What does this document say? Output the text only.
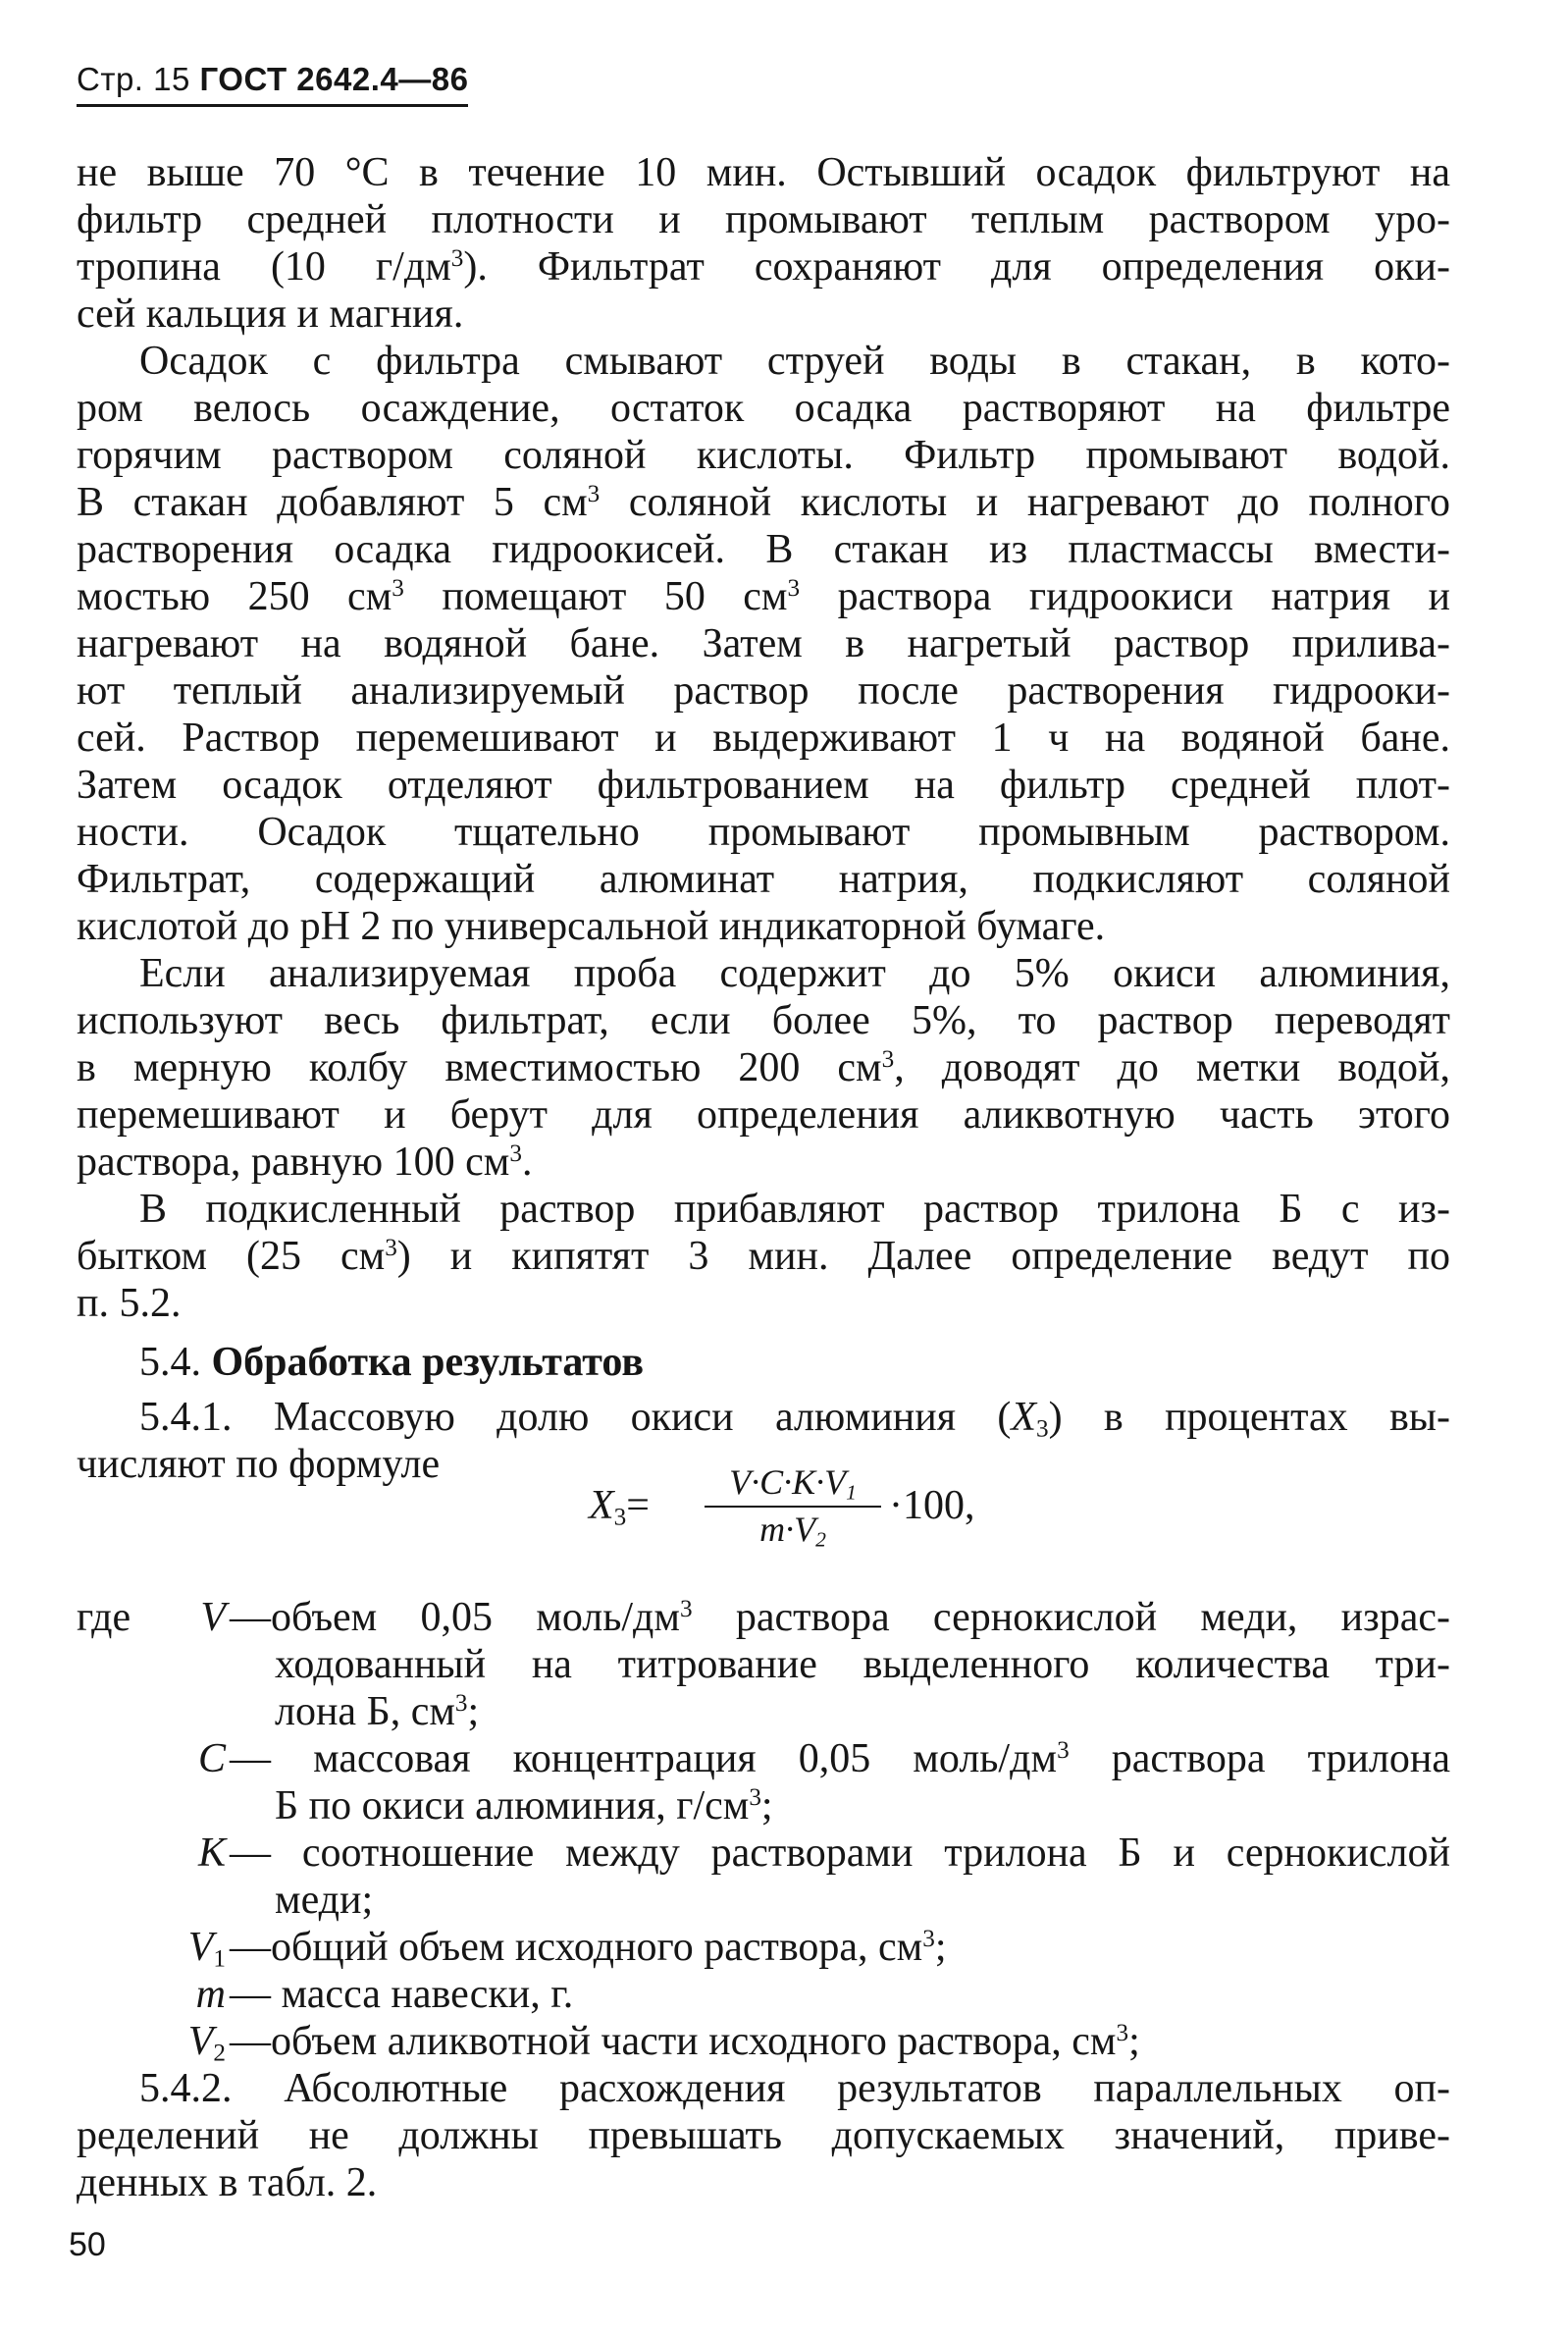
Стр. 15 ГОСТ 2642.4—86
не выше 70 °С в течение 10 мин. Остывший осадок фильтруют на
фильтр средней плотности и промывают теплым раствором уро-
тропина (10 $г/дм^3$). Фильтрат сохраняют для определения оки-
сей кальция и магния.
Осадок с фильтра смывают струей воды в стакан, в кото-
ром велось осаждение, остаток осадка растворяют на фильтре
горячим раствором соляной кислоты. Фильтр промывают водой.
В стакан добавляют 5 $см^3$ соляной кислоты и нагревают до полного
растворения осадка гидроокисей. В стакан из пластмассы вмести-
мостью 250 $см^3$ помещают 50 $см^3$ раствора гидроокиси натрия и
нагревают на водяной бане. Затем в нагретый раствор прилива-
ют теплый анализируемый раствор после растворения гидрооки-
сей. Раствор перемешивают и выдерживают 1 ч на водяной бане.
Затем осадок отделяют фильтрованием на фильтр средней плот-
ности. Осадок тщательно промывают промывным раствором.
Фильтрат, содержащий алюминат натрия, подкисляют соляной
кислотой до рН 2 по универсальной индикаторной бумаге.
Если анализируемая проба содержит до 5% окиси алюминия,
используют весь фильтрат, если более 5%, то раствор переводят
в мерную колбу вместимостью 200 $см^3$, доводят до метки водой,
перемешивают и берут для определения аликвотную часть этого
раствора, равную 100 $см^3$.
В подкисленный раствор прибавляют раствор трилона Б с из-
бытком (25 $см^3$) и кипятят 3 мин. Далее определение ведут по
п. 5.2.
5.4. Обработка результатов
5.4.1. Массовую долю окиси алюминия $(X_3)$ в процентах вы-
числяют по формуле
$X_3=$
$V\cdot C\cdot K\cdot V_1$
$m\cdot V_2$
·100,
где	V —объем 0,05 моль/$дм^3$ раствора сернокислой меди, израс-
ходованный на титрование выделенного количества три-
лона Б, $см^3$;
C — массовая концентрация 0,05 моль/$дм^3$ раствора трилона
Б по окиси алюминия, $г/см^3$;
K — соотношение между растворами трилона Б и сернокислой
меди;
$V_1$ —общий объем исходного раствора, $см^3$;
m — масса навески, г.
$V_2$ —объем аликвотной части исходного раствора, $см^3$;
5.4.2. Абсолютные расхождения результатов параллельных оп-
ределений не должны превышать допускаемых значений, приве-
денных в табл. 2.
50
